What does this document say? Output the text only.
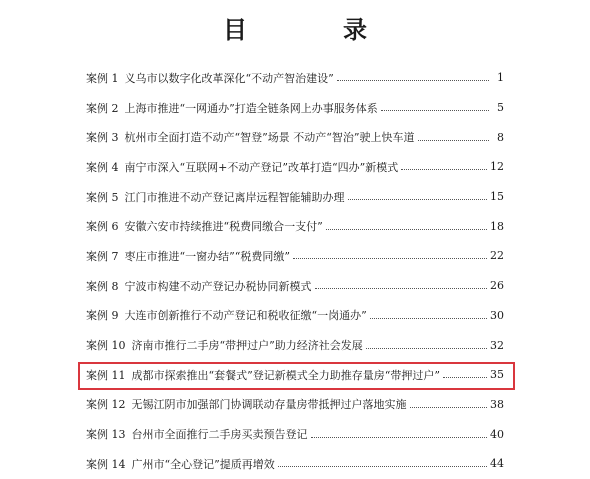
目　录
案例 1 义乌市以数字化改革深化“不动产智治建设”	1
案例 2 上海市推进“一网通办”打造全链条网上办事服务体系	5
案例 3 杭州市全面打造不动产“智登”场景 不动产“智治”驶上快车道	8
案例 4 南宁市深入“互联网+不动产登记”改革打造“四办”新模式	12
案例 5 江门市推进不动产登记离岸远程智能辅助办理	15
案例 6 安徽六安市持续推进“税费同缴合一支付”	18
案例 7 枣庄市推进“一窗办结”“税费同缴”	22
案例 8 宁波市构建不动产登记办税协同新模式	26
案例 9 大连市创新推行不动产登记和税收征缴“一岗通办”	30
案例 10 济南市推行二手房“带押过户”助力经济社会发展	32
案例 11 成都市探索推出“套餐式”登记新模式全力助推存量房“带押过户”	35
案例 12 无锡江阴市加强部门协调联动存量房带抵押过户落地实施	38
案例 13 台州市全面推行二手房买卖预告登记	40
案例 14 广州市“全心登记”提质再增效	44
